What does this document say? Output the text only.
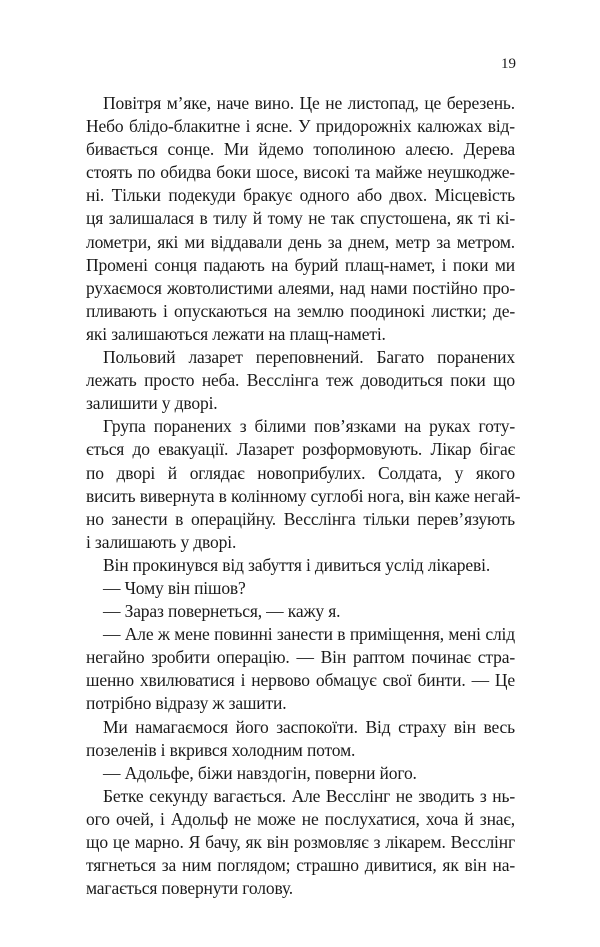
19
Повітря м’яке, наче вино. Це не листопад, це березень.
Небо блідо-блакитне і ясне. У придорожніх калюжах від-
бивається сонце. Ми йдемо тополиною алеєю. Дерева
стоять по обидва боки шосе, високі та майже неушкодже-
ні. Тільки подекуди бракує одного або двох. Місцевість
ця залишалася в тилу й тому не так спустошена, як ті кі-
лометри, які ми віддавали день за днем, метр за метром.
Промені сонця падають на бурий плащ-намет, і поки ми
рухаємося жовтолистими алеями, над нами постійно про-
пливають і опускаються на землю поодинокі листки; де-
які залишаються лежати на плащ-наметі.
Польовий лазарет переповнений. Багато поранених
лежать просто неба. Весслінга теж доводиться поки що
залишити у дворі.
Група поранених з білими пов’язками на руках готу-
ється до евакуації. Лазарет розформовують. Лікар бігає
по дворі й оглядає новоприбулих. Солдата, у якого
висить вивернута в колінному суглобі нога, він каже негай-
но занести в операційну. Весслінга тільки перев’язують
і залишають у дворі.
Він прокинувся від забуття і дивиться услід лікареві.
— Чому він пішов?
— Зараз повернеться, — кажу я.
— Але ж мене повинні занести в приміщення, мені слід
негайно зробити операцію. — Він раптом починає стра-
шенно хвилюватися і нервово обмацує свої бинти. — Це
потрібно відразу ж зашити.
Ми намагаємося його заспокоїти. Від страху він весь
позеленів і вкрився холодним потом.
— Адольфе, біжи навздогін, поверни його.
Бетке секунду вагається. Але Весслінг не зводить з нь-
ого очей, і Адольф не може не послухатися, хоча й знає,
що це марно. Я бачу, як він розмовляє з лікарем. Весслінг
тягнеться за ним поглядом; страшно дивитися, як він на-
магається повернути голову.
